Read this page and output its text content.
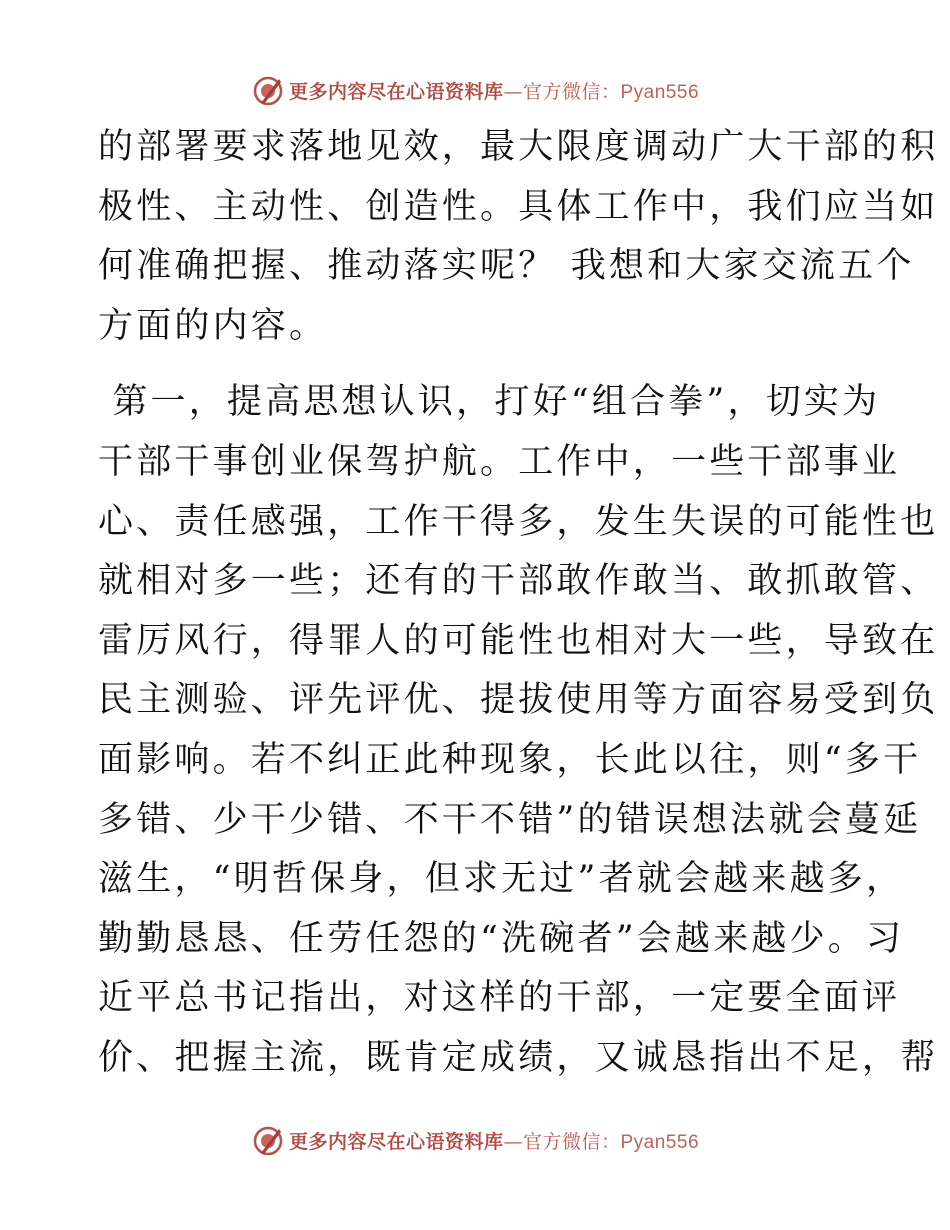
更多内容尽在心语资料库—官方微信：Pyan556

的部署要求落地见效，最大限度调动广大干部的积
极性、主动性、创造性。具体工作中，我们应当如
何准确把握、推动落实呢？ 我想和大家交流五个
方面的内容。

第一，提高思想认识，打好“组合拳”，切实为
干部干事创业保驾护航。工作中，一些干部事业
心、责任感强，工作干得多，发生失误的可能性也
就相对多一些；还有的干部敢作敢当、敢抓敢管、
雷厉风行，得罪人的可能性也相对大一些，导致在
民主测验、评先评优、提拔使用等方面容易受到负
面影响。若不纠正此种现象，长此以往，则“多干
多错、少干少错、不干不错”的错误想法就会蔓延
滋生，“明哲保身，但求无过”者就会越来越多，
勤勤恳恳、任劳任怨的“洗碗者”会越来越少。习
近平总书记指出，对这样的干部，一定要全面评
价、把握主流，既肯定成绩，又诚恳指出不足，帮

更多内容尽在心语资料库—官方微信：Pyan556
